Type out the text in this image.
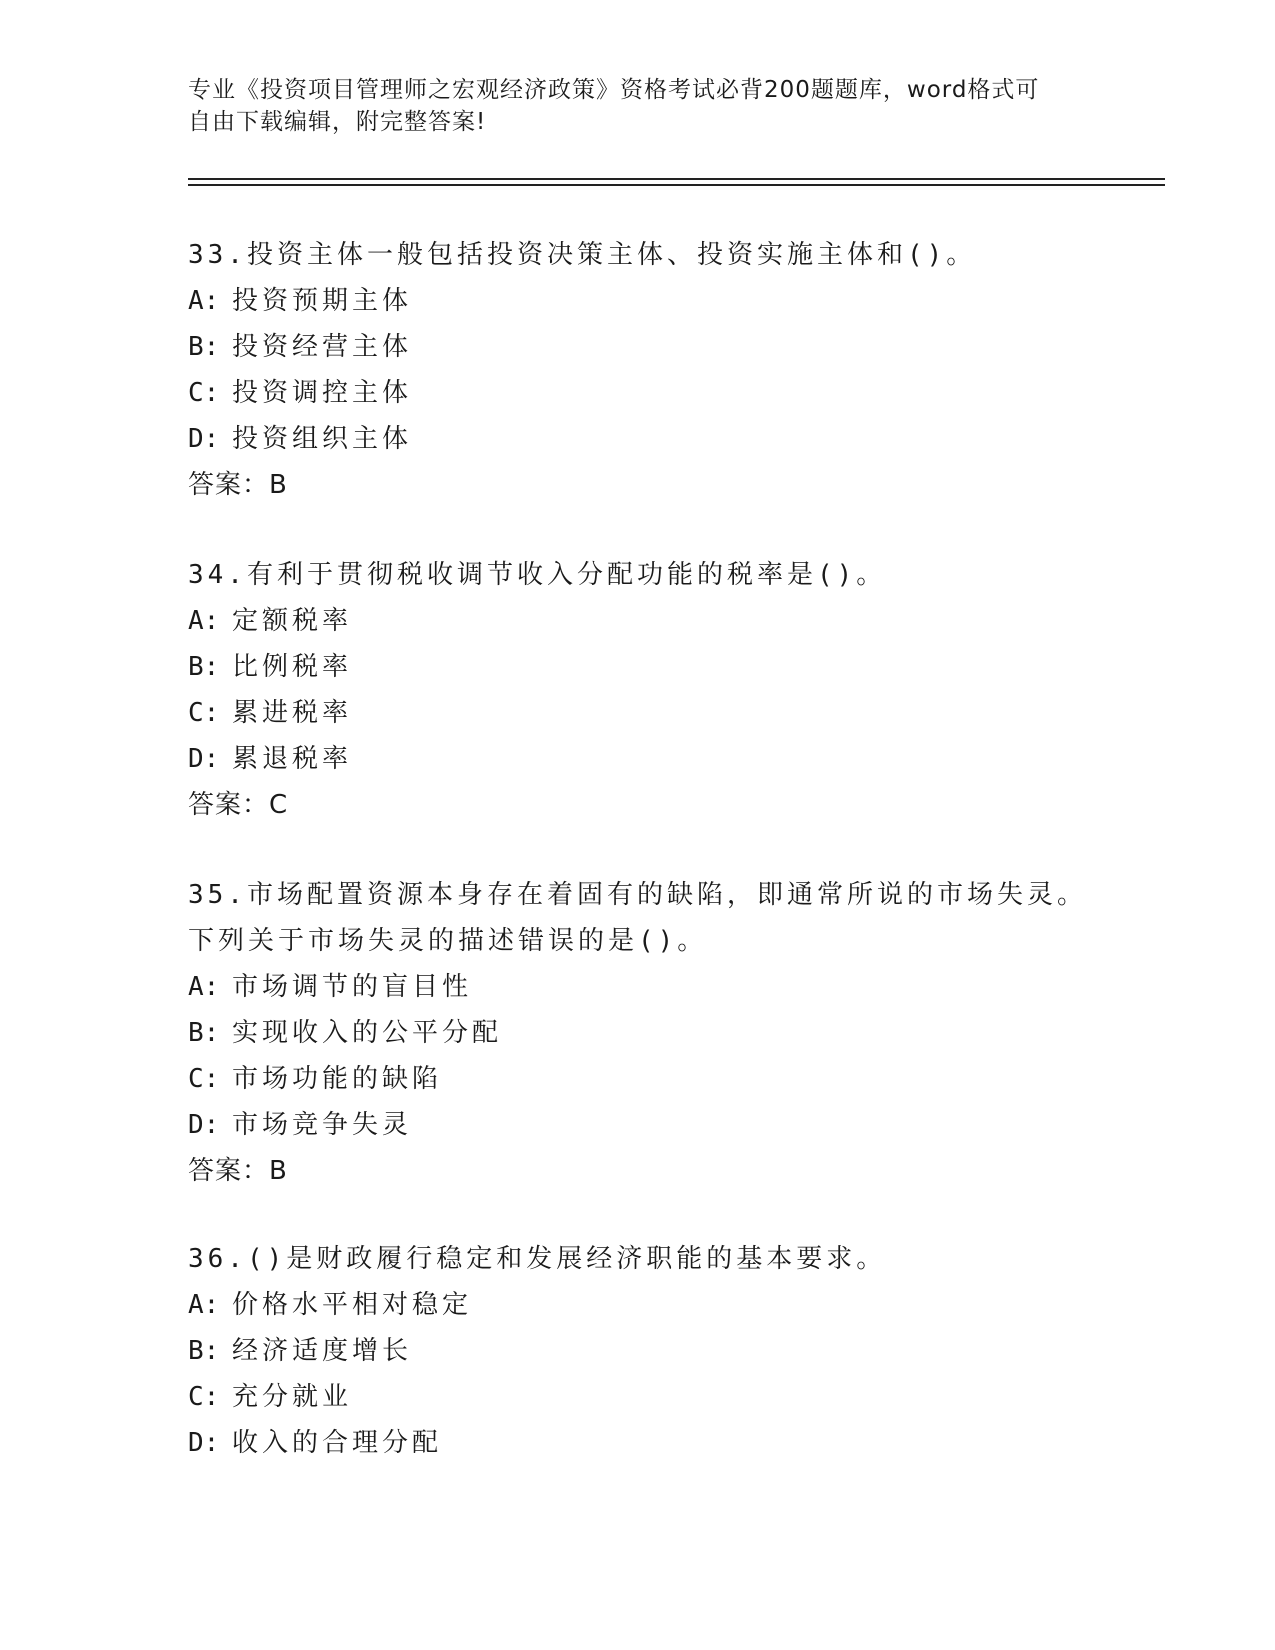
专业《投资项目管理师之宏观经济政策》资格考试必背200题题库，word格式可
自由下载编辑，附完整答案!
33.投资主体一般包括投资决策主体、投资实施主体和()。
A: 投资预期主体
B: 投资经营主体
C: 投资调控主体
D: 投资组织主体
答案：B
34.有利于贯彻税收调节收入分配功能的税率是()。
A: 定额税率
B: 比例税率
C: 累进税率
D: 累退税率
答案：C
35.市场配置资源本身存在着固有的缺陷，即通常所说的市场失灵。下列关于市场失灵的描述错误的是()。
A: 市场调节的盲目性
B: 实现收入的公平分配
C: 市场功能的缺陷
D: 市场竞争失灵
答案：B
36.()是财政履行稳定和发展经济职能的基本要求。
A: 价格水平相对稳定
B: 经济适度增长
C: 充分就业
D: 收入的合理分配
